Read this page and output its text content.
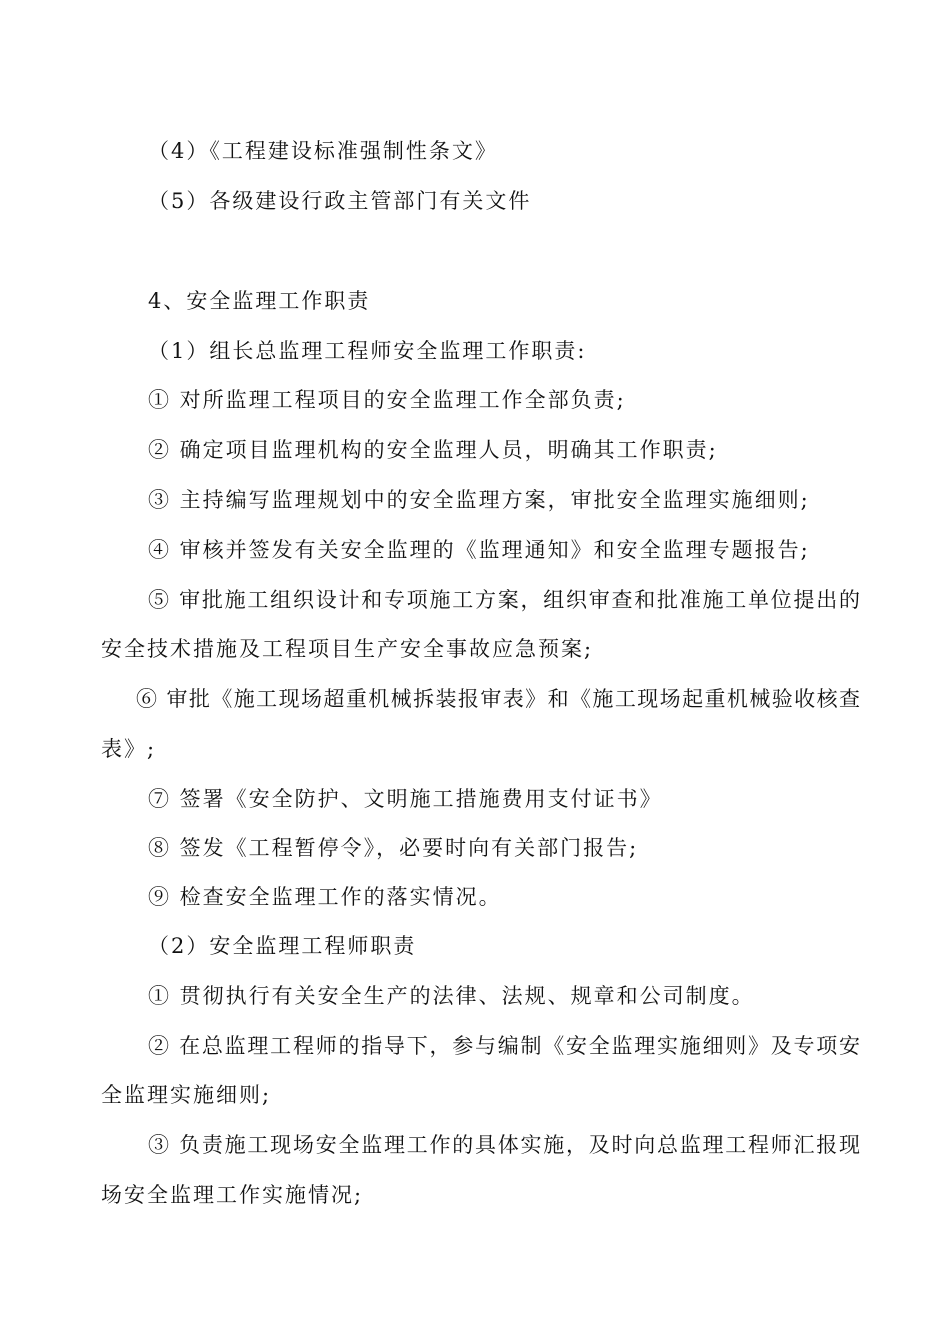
（4）《工程建设标准强制性条文》
（5）各级建设行政主管部门有关文件
4、安全监理工作职责
（1）组长总监理工程师安全监理工作职责:
① 对所监理工程项目的安全监理工作全部负责;
② 确定项目监理机构的安全监理人员，明确其工作职责;
③ 主持编写监理规划中的安全监理方案，审批安全监理实施细则;
④ 审核并签发有关安全监理的《监理通知》和安全监理专题报告;
⑤ 审批施工组织设计和专项施工方案，组织审查和批准施工单位提出的
安全技术措施及工程项目生产安全事故应急预案;
⑥ 审批《施工现场超重机械拆装报审表》和《施工现场起重机械验收核查
表》;
⑦ 签署《安全防护、文明施工措施费用支付证书》
⑧ 签发《工程暂停令》，必要时向有关部门报告;
⑨ 检查安全监理工作的落实情况。
（2）安全监理工程师职责
① 贯彻执行有关安全生产的法律、法规、规章和公司制度。
② 在总监理工程师的指导下，参与编制《安全监理实施细则》及专项安
全监理实施细则;
③ 负责施工现场安全监理工作的具体实施，及时向总监理工程师汇报现
场安全监理工作实施情况;
